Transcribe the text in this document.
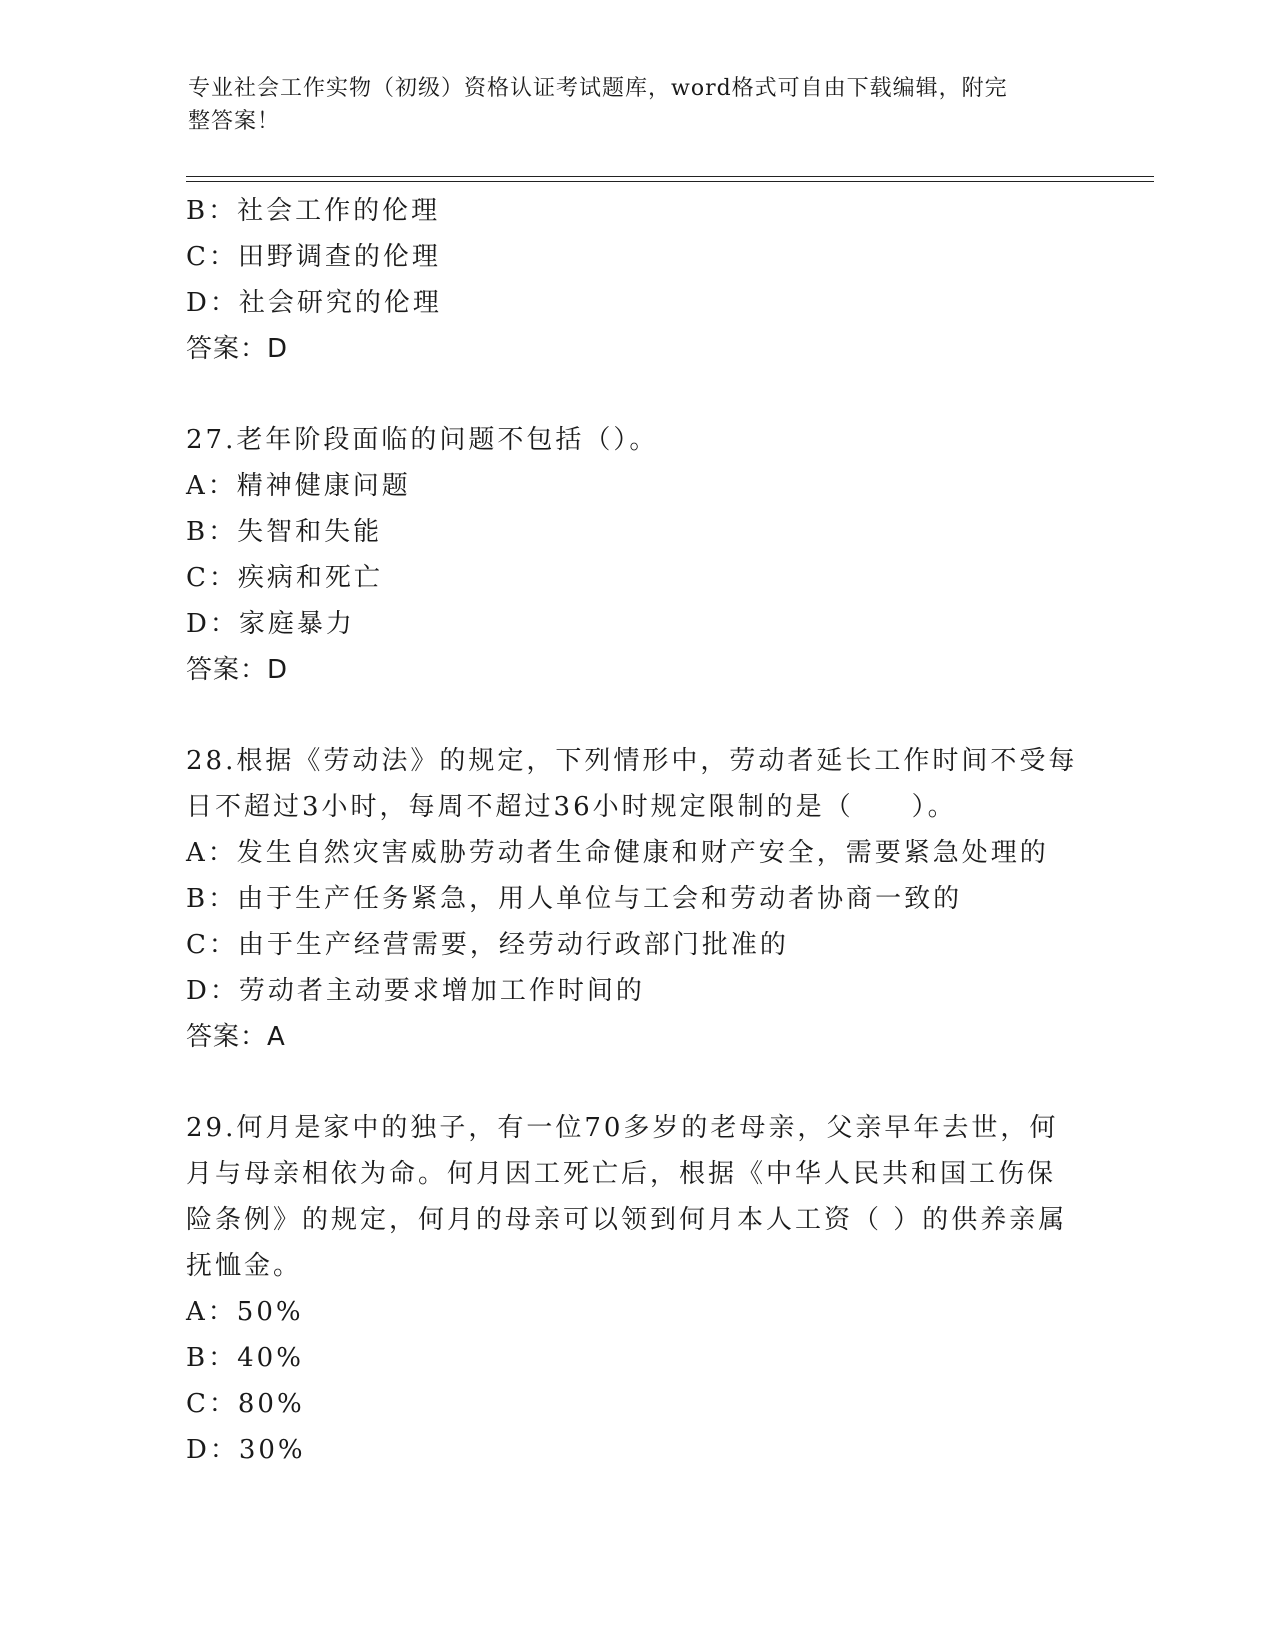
专业社会工作实物（初级）资格认证考试题库，word格式可自由下载编辑，附完
整答案！
B：社会工作的伦理
C：田野调查的伦理
D：社会研究的伦理
答案：D
27.老年阶段面临的问题不包括（）。
A：精神健康问题
B：失智和失能
C：疾病和死亡
D：家庭暴力
答案：D
28.根据《劳动法》的规定，下列情形中，劳动者延长工作时间不受每
日不超过3小时，每周不超过36小时规定限制的是（　　）。
A：发生自然灾害威胁劳动者生命健康和财产安全，需要紧急处理的
B：由于生产任务紧急，用人单位与工会和劳动者协商一致的
C：由于生产经营需要，经劳动行政部门批准的
D：劳动者主动要求增加工作时间的
答案：A
29.何月是家中的独子，有一位70多岁的老母亲，父亲早年去世，何
月与母亲相依为命。何月因工死亡后，根据《中华人民共和国工伤保
险条例》的规定，何月的母亲可以领到何月本人工资（ ）的供养亲属
抚恤金。
A：50%
B：40%
C：80%
D：30%
